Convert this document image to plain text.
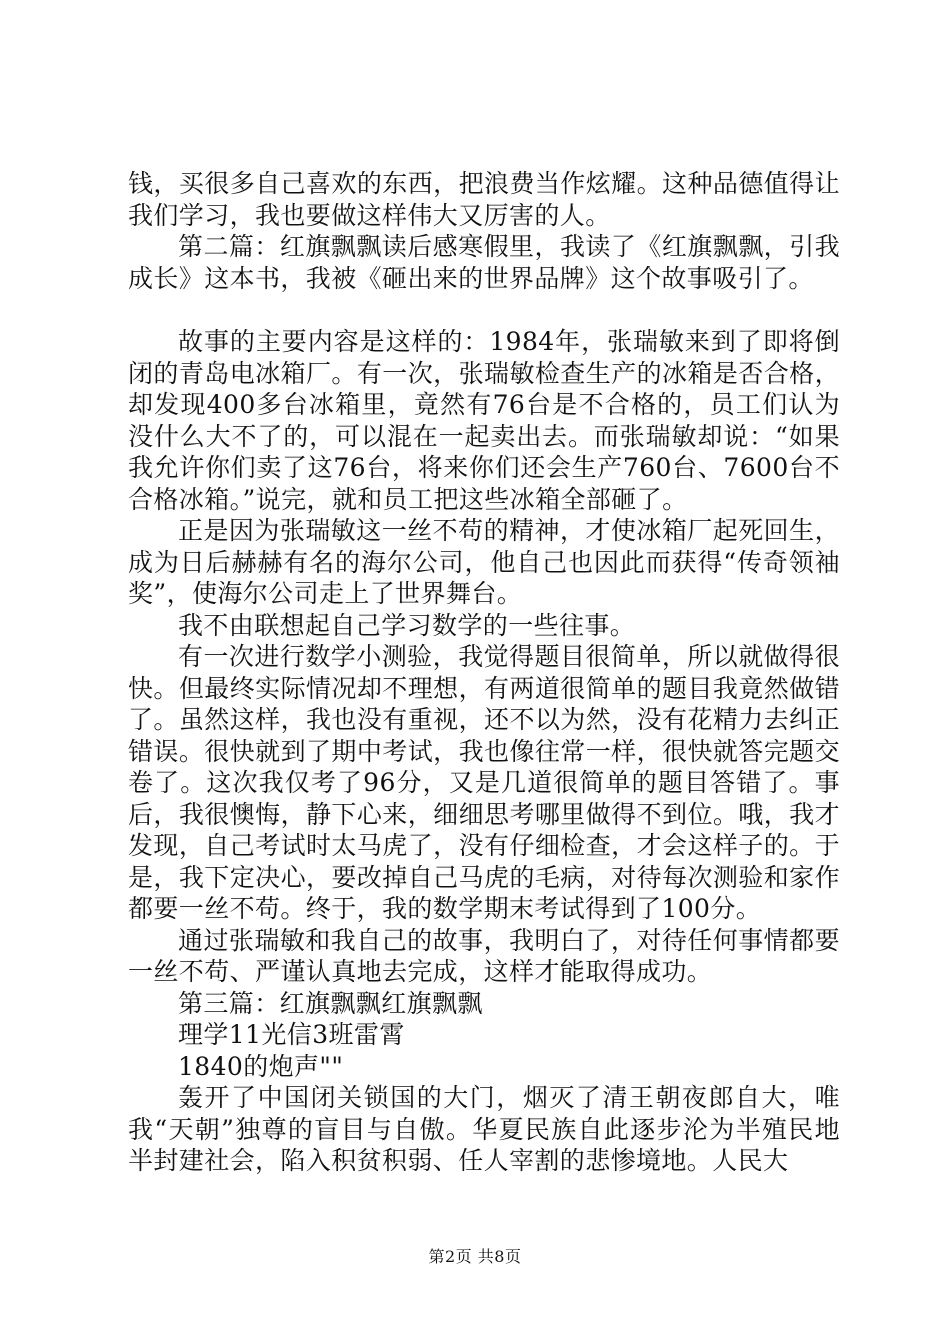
钱，买很多自己喜欢的东西，把浪费当作炫耀。这种品德值得让我们学习，我也要做这样伟大又厉害的人。

第二篇：红旗飘飘读后感寒假里，我读了《红旗飘飘，引我成长》这本书，我被《砸出来的世界品牌》这个故事吸引了。

故事的主要内容是这样的：1984年，张瑞敏来到了即将倒闭的青岛电冰箱厂。有一次，张瑞敏检查生产的冰箱是否合格，却发现400多台冰箱里，竟然有76台是不合格的，员工们认为没什么大不了的，可以混在一起卖出去。而张瑞敏却说：“如果我允许你们卖了这76台，将来你们还会生产760台、7600台不合格冰箱。”说完，就和员工把这些冰箱全部砸了。

正是因为张瑞敏这一丝不苟的精神，才使冰箱厂起死回生，成为日后赫赫有名的海尔公司，他自己也因此而获得“传奇领袖奖”，使海尔公司走上了世界舞台。

我不由联想起自己学习数学的一些往事。

有一次进行数学小测验，我觉得题目很简单，所以就做得很快。但最终实际情况却不理想，有两道很简单的题目我竟然做错了。虽然这样，我也没有重视，还不以为然，没有花精力去纠正错误。很快就到了期中考试，我也像往常一样，很快就答完题交卷了。这次我仅考了96分，又是几道很简单的题目答错了。事后，我很懊悔，静下心来，细细思考哪里做得不到位。哦，我才发现，自己考试时太马虎了，没有仔细检查，才会这样子的。于是，我下定决心，要改掉自己马虎的毛病，对待每次测验和家作都要一丝不苟。终于，我的数学期末考试得到了100分。

通过张瑞敏和我自己的故事，我明白了，对待任何事情都要一丝不苟、严谨认真地去完成，这样才能取得成功。

第三篇：红旗飘飘红旗飘飘

理学11光信3班雷霄

1840的炮声""

轰开了中国闭关锁国的大门，烟灭了清王朝夜郎自大，唯我“天朝”独尊的盲目与自傲。华夏民族自此逐步沦为半殖民地半封建社会，陷入积贫积弱、任人宰割的悲惨境地。人民大

第2页 共8页
